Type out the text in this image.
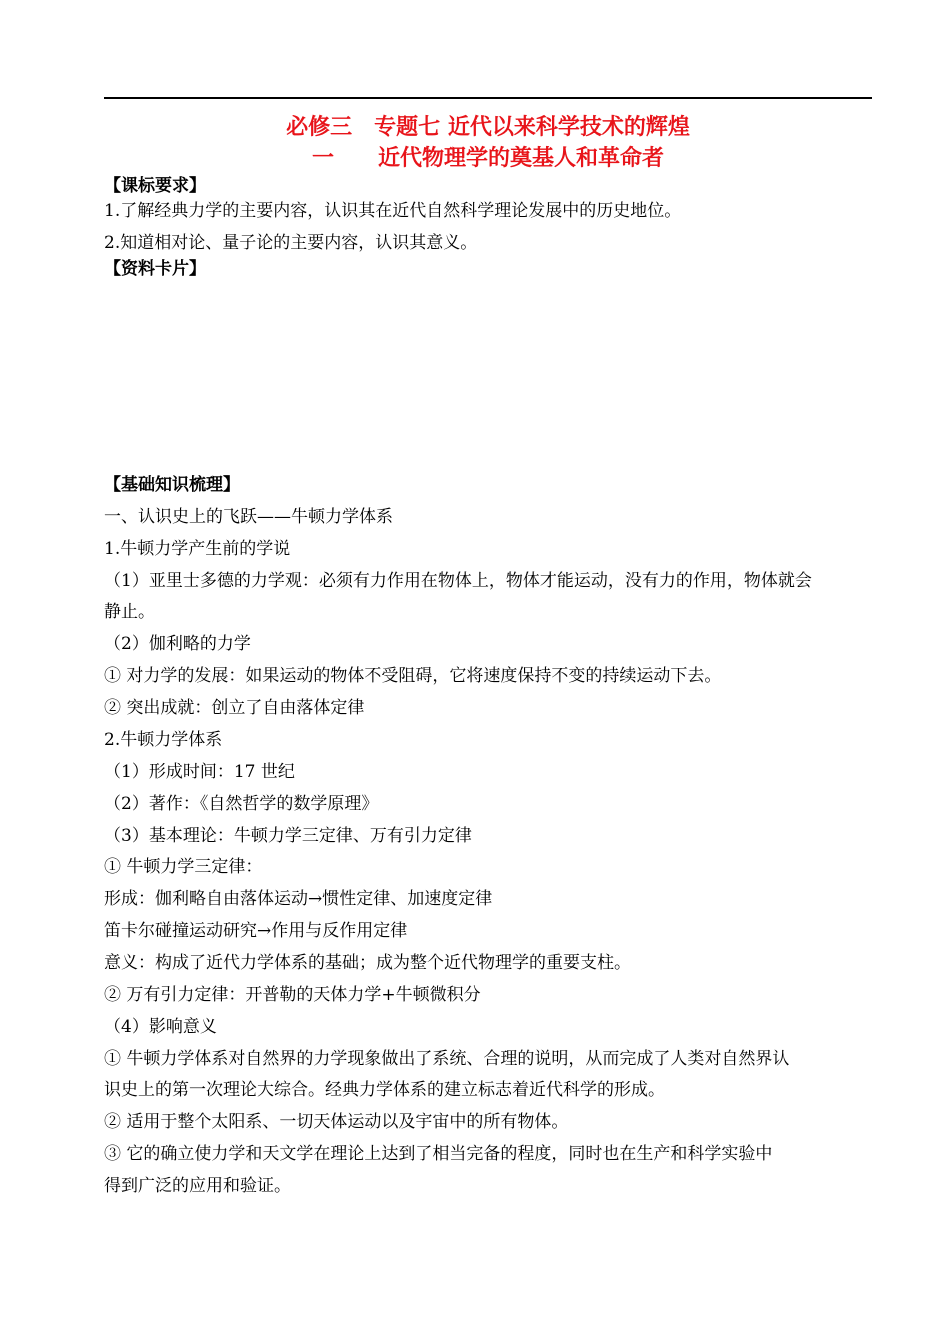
必修三　专题七 近代以来科学技术的辉煌
一　　近代物理学的奠基人和革命者
【课标要求】
1.了解经典力学的主要内容，认识其在近代自然科学理论发展中的历史地位。
2.知道相对论、量子论的主要内容，认识其意义。
【资料卡片】
【基础知识梳理】
一、认识史上的飞跃——牛顿力学体系
1.牛顿力学产生前的学说
（1）亚里士多德的力学观：必须有力作用在物体上，物体才能运动，没有力的作用，物体就会
静止。
（2）伽利略的力学
① 对力学的发展：如果运动的物体不受阻碍，它将速度保持不变的持续运动下去。
② 突出成就：创立了自由落体定律
2.牛顿力学体系
（1）形成时间：17 世纪
（2）著作：《自然哲学的数学原理》
（3）基本理论：牛顿力学三定律、万有引力定律
① 牛顿力学三定律：
形成：伽利略自由落体运动→惯性定律、加速度定律
笛卡尔碰撞运动研究→作用与反作用定律
意义：构成了近代力学体系的基础；成为整个近代物理学的重要支柱。
② 万有引力定律：开普勒的天体力学+牛顿微积分
（4）影响意义
① 牛顿力学体系对自然界的力学现象做出了系统、合理的说明，从而完成了人类对自然界认
识史上的第一次理论大综合。经典力学体系的建立标志着近代科学的形成。
② 适用于整个太阳系、一切天体运动以及宇宙中的所有物体。
③ 它的确立使力学和天文学在理论上达到了相当完备的程度，同时也在生产和科学实验中
得到广泛的应用和验证。
